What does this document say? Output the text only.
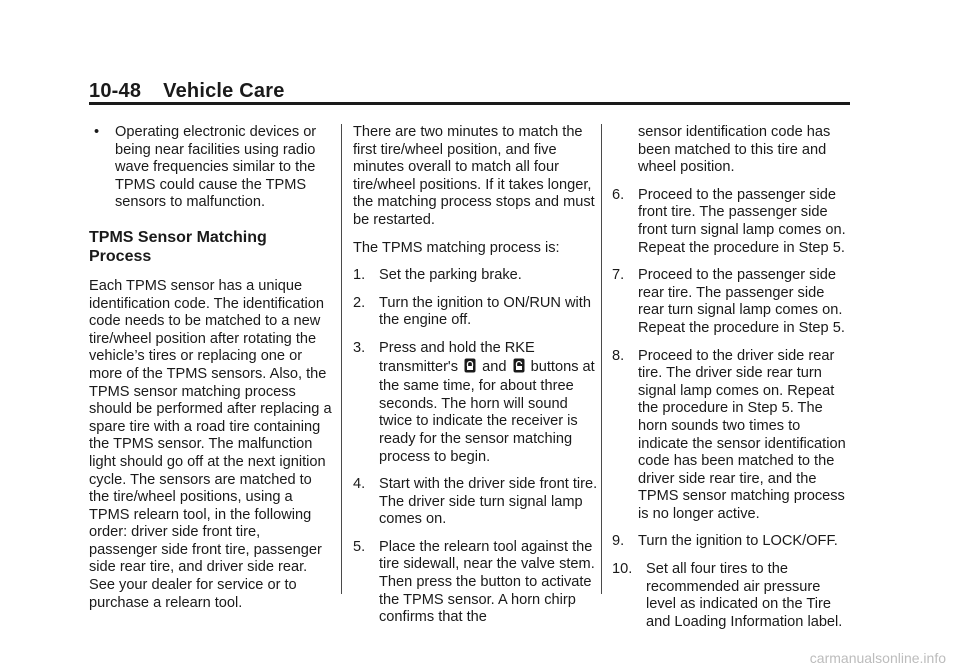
10-48 Vehicle Care
• Operating electronic devices or being near facilities using radio wave frequencies similar to the TPMS could cause the TPMS sensors to malfunction.
TPMS Sensor Matching Process

Each TPMS sensor has a unique identification code. The identification code needs to be matched to a new tire/wheel position after rotating the vehicle’s tires or replacing one or more of the TPMS sensors. Also, the TPMS sensor matching process should be performed after replacing a spare tire with a road tire containing the TPMS sensor. The malfunction light should go off at the next ignition cycle. The sensors are matched to the tire/wheel positions, using a TPMS relearn tool, in the following order: driver side front tire, passenger side front tire, passenger side rear tire, and driver side rear. See your dealer for service or to purchase a relearn tool.

There are two minutes to match the first tire/wheel position, and five minutes overall to match all four tire/wheel positions. If it takes longer, the matching process stops and must be restarted.

The TPMS matching process is:

1. Set the parking brake.
2. Turn the ignition to ON/RUN with the engine off.
3. Press and hold the RKE transmitter's and buttons at the same time, for about three seconds. The horn will sound twice to indicate the receiver is ready for the sensor matching process to begin.
4. Start with the driver side front tire. The driver side turn signal lamp comes on.
5. Place the relearn tool against the tire sidewall, near the valve stem. Then press the button to activate the TPMS sensor. A horn chirp confirms that the

sensor identification code has been matched to this tire and wheel position.

6. Proceed to the passenger side front tire. The passenger side front turn signal lamp comes on. Repeat the procedure in Step 5.
7. Proceed to the passenger side rear tire. The passenger side rear turn signal lamp comes on. Repeat the procedure in Step 5.
8. Proceed to the driver side rear tire. The driver side rear turn signal lamp comes on. Repeat the procedure in Step 5. The horn sounds two times to indicate the sensor identification code has been matched to the driver side rear tire, and the TPMS sensor matching process is no longer active.
9. Turn the ignition to LOCK/OFF.
10. Set all four tires to the recommended air pressure level as indicated on the Tire and Loading Information label.
carmanualsonline.info
